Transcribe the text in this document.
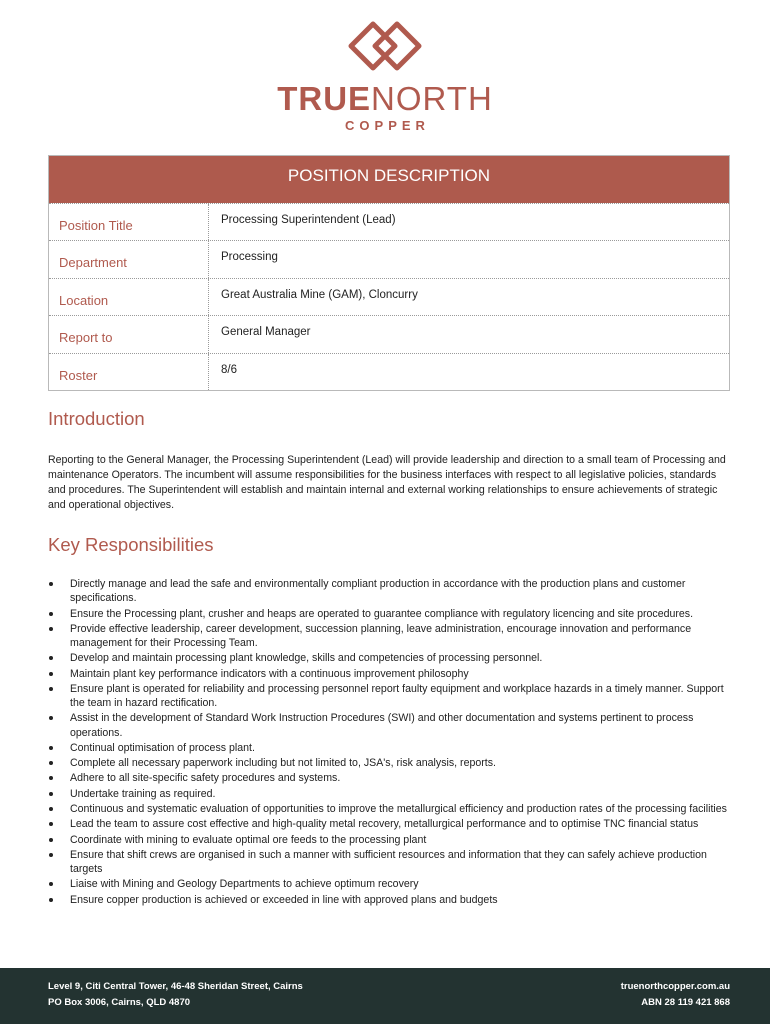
TRUENORTH
COPPER
POSITION DESCRIPTION
Position Title	Processing Superintendent (Lead)
Department	Processing
Location	Great Australia Mine (GAM), Cloncurry
Report to	General Manager
Roster	8/6
Introduction

Reporting to the General Manager, the Processing Superintendent (Lead) will provide leadership and direction to a small team of Processing and maintenance Operators. The incumbent will assume responsibilities for the business interfaces with respect to all legislative policies, standards and procedures. The Superintendent will establish and maintain internal and external working relationships to ensure achievements of strategic and operational objectives.

Key Responsibilities
Directly manage and lead the safe and environmentally compliant production in accordance with the production plans and customer specifications.
Ensure the Processing plant, crusher and heaps are operated to guarantee compliance with regulatory licencing and site procedures.
Provide effective leadership, career development, succession planning, leave administration, encourage innovation and performance management for their Processing Team.
Develop and maintain processing plant knowledge, skills and competencies of processing personnel.
Maintain plant key performance indicators with a continuous improvement philosophy
Ensure plant is operated for reliability and processing personnel report faulty equipment and workplace hazards in a timely manner. Support the team in hazard rectification.
Assist in the development of Standard Work Instruction Procedures (SWI) and other documentation and systems pertinent to process operations.
Continual optimisation of process plant.
Complete all necessary paperwork including but not limited to, JSA's, risk analysis, reports.
Adhere to all site-specific safety procedures and systems.
Undertake training as required.
Continuous and systematic evaluation of opportunities to improve the metallurgical efficiency and production rates of the processing facilities
Lead the team to assure cost effective and high-quality metal recovery, metallurgical performance and to optimise TNC financial status
Coordinate with mining to evaluate optimal ore feeds to the processing plant
Ensure that shift crews are organised in such a manner with sufficient resources and information that they can safely achieve production targets
Liaise with Mining and Geology Departments to achieve optimum recovery
Ensure copper production is achieved or exceeded in line with approved plans and budgets
Level 9, Citi Central Tower, 46-48 Sheridan Street, Cairns
PO Box 3006, Cairns, QLD 4870
truenorthcopper.com.au
ABN 28 119 421 868
